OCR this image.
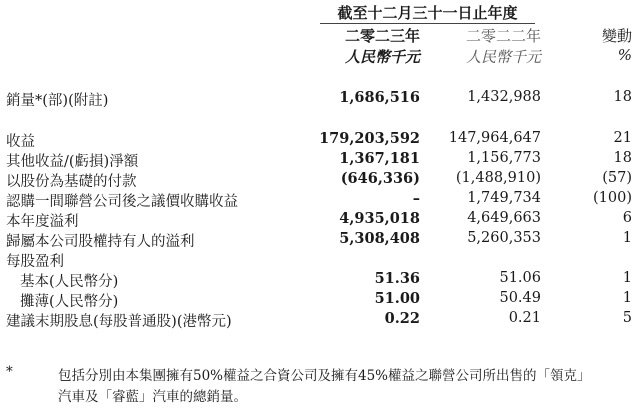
截至十二月三十一日止年度
二零二三年	二零二二年	變動
人民幣千元	人民幣千元	%
銷量*(部)(附註)	1,686,516	1,432,988	18
收益	179,203,592	147,964,647	21
其他收益/(虧損)淨額	1,367,181	1,156,773	18
以股份為基礎的付款	(646,336)	(1,488,910)	(57)
認購一間聯營公司後之議價收購收益	–	1,749,734	(100)
本年度溢利	4,935,018	4,649,663	6
歸屬本公司股權持有人的溢利	5,308,408	5,260,353	1
每股盈利
基本(人民幣分)	51.36	51.06	1
攤薄(人民幣分)	51.00	50.49	1
建議末期股息(每股普通股)(港幣元)	0.22	0.21	5
*	包括分別由本集團擁有50%權益之合資公司及擁有45%權益之聯營公司所出售的「領克」
汽車及「睿藍」汽車的總銷量。
